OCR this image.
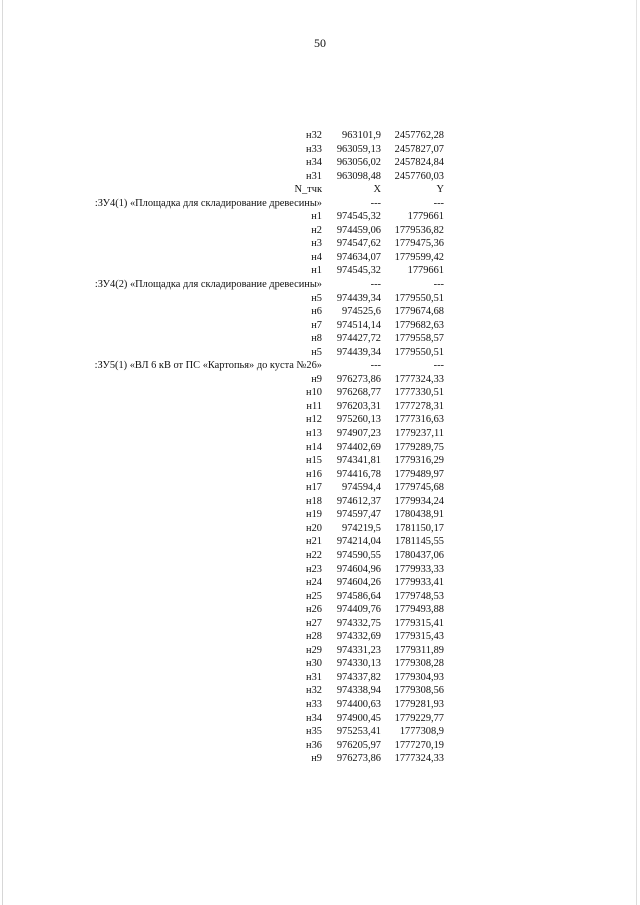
50
н32	963101,9	2457762,28
н33	963059,13	2457827,07
н34	963056,02	2457824,84
н31	963098,48	2457760,03
N_тчк	X	Y
:ЗУ4(1) «Площадка для складирование древесины»	---	---
н1	974545,32	1779661
н2	974459,06	1779536,82
н3	974547,62	1779475,36
н4	974634,07	1779599,42
н1	974545,32	1779661
:ЗУ4(2) «Площадка для складирование древесины»	---	---
н5	974439,34	1779550,51
н6	974525,6	1779674,68
н7	974514,14	1779682,63
н8	974427,72	1779558,57
н5	974439,34	1779550,51
:ЗУ5(1) «ВЛ 6 кВ от ПС «Картопья» до куста №26»	---	---
н9	976273,86	1777324,33
н10	976268,77	1777330,51
н11	976203,31	1777278,31
н12	975260,13	1777316,63
н13	974907,23	1779237,11
н14	974402,69	1779289,75
н15	974341,81	1779316,29
н16	974416,78	1779489,97
н17	974594,4	1779745,68
н18	974612,37	1779934,24
н19	974597,47	1780438,91
н20	974219,5	1781150,17
н21	974214,04	1781145,55
н22	974590,55	1780437,06
н23	974604,96	1779933,33
н24	974604,26	1779933,41
н25	974586,64	1779748,53
н26	974409,76	1779493,88
н27	974332,75	1779315,41
н28	974332,69	1779315,43
н29	974331,23	1779311,89
н30	974330,13	1779308,28
н31	974337,82	1779304,93
н32	974338,94	1779308,56
н33	974400,63	1779281,93
н34	974900,45	1779229,77
н35	975253,41	1777308,9
н36	976205,97	1777270,19
н9	976273,86	1777324,33
